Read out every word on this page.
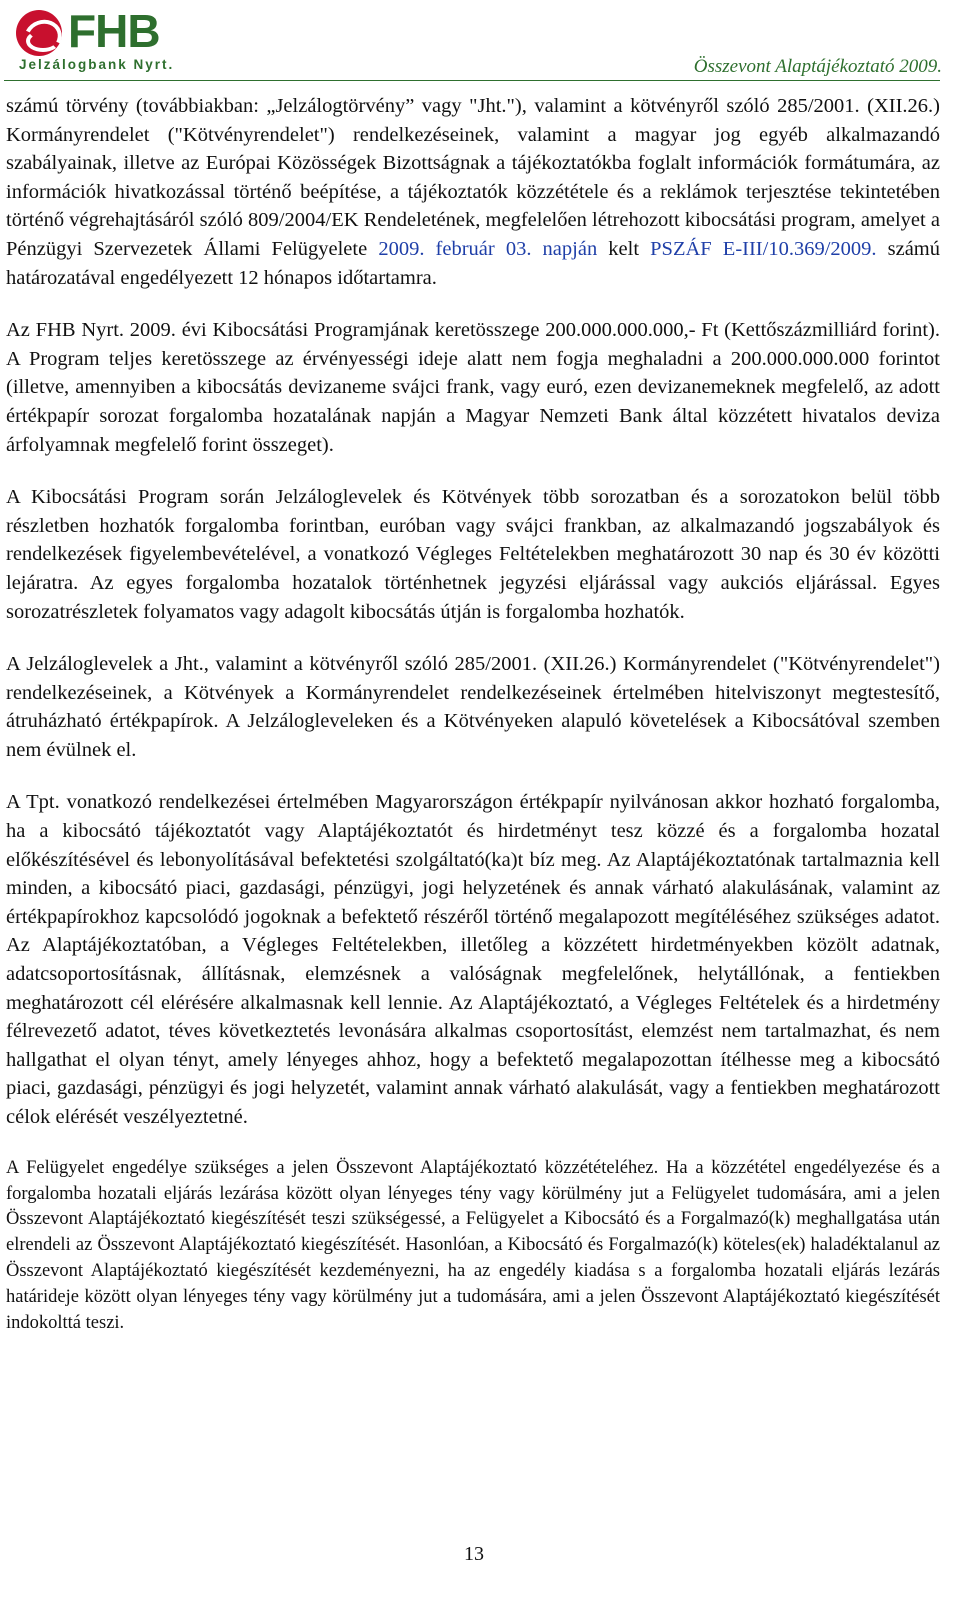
FHB
Jelzálogbank Nyrt.	Összevont Alaptájékoztató 2009.

számú törvény (továbbiakban: „Jelzálogtörvény” vagy "Jht."), valamint a kötvényről szóló 285/2001. (XII.26.) Kormányrendelet ("Kötvényrendelet") rendelkezéseinek, valamint a magyar jog egyéb alkalmazandó szabályainak, illetve az Európai Közösségek Bizottságnak a tájékoztatókba foglalt információk formátumára, az információk hivatkozással történő beépítése, a tájékoztatók közzététele és a reklámok terjesztése tekintetében történő végrehajtásáról szóló 809/2004/EK Rendeletének, megfelelően létrehozott kibocsátási program, amelyet a Pénzügyi Szervezetek Állami Felügyelete 2009. február 03. napján kelt PSZÁF E-III/10.369/2009. számú határozatával engedélyezett 12 hónapos időtartamra.

Az FHB Nyrt. 2009. évi Kibocsátási Programjának keretösszege 200.000.000.000,- Ft (Kettőszázmilliárd forint). A Program teljes keretösszege az érvényességi ideje alatt nem fogja meghaladni a 200.000.000.000 forintot (illetve, amennyiben a kibocsátás devizaneme svájci frank, vagy euró, ezen devizanemeknek megfelelő, az adott értékpapír sorozat forgalomba hozatalának napján a Magyar Nemzeti Bank által közzétett hivatalos deviza árfolyamnak megfelelő forint összeget).

A Kibocsátási Program során Jelzáloglevelek és Kötvények több sorozatban és a sorozatokon belül több részletben hozhatók forgalomba forintban, euróban vagy svájci frankban, az alkalmazandó jogszabályok és rendelkezések figyelembevételével, a vonatkozó Végleges Feltételekben meghatározott 30 nap és 30 év közötti lejáratra. Az egyes forgalomba hozatalok történhetnek jegyzési eljárással vagy aukciós eljárással. Egyes sorozatrészletek folyamatos vagy adagolt kibocsátás útján is forgalomba hozhatók.

A Jelzáloglevelek a Jht., valamint a kötvényről szóló 285/2001. (XII.26.) Kormányrendelet ("Kötvényrendelet") rendelkezéseinek, a Kötvények a Kormányrendelet rendelkezéseinek értelmében hitelviszonyt megtestesítő, átruházható értékpapírok. A Jelzálogleveleken és a Kötvényeken alapuló követelések a Kibocsátóval szemben nem évülnek el.

A Tpt. vonatkozó rendelkezései értelmében Magyarországon értékpapír nyilvánosan akkor hozható forgalomba, ha a kibocsátó tájékoztatót vagy Alaptájékoztatót és hirdetményt tesz közzé és a forgalomba hozatal előkészítésével és lebonyolításával befektetési szolgáltató(ka)t bíz meg. Az Alaptájékoztatónak tartalmaznia kell minden, a kibocsátó piaci, gazdasági, pénzügyi, jogi helyzetének és annak várható alakulásának, valamint az értékpapírokhoz kapcsolódó jogoknak a befektető részéről történő megalapozott megítéléséhez szükséges adatot. Az Alaptájékoztatóban, a Végleges Feltételekben, illetőleg a közzétett hirdetményekben közölt adatnak, adatcsoportosításnak, állításnak, elemzésnek a valóságnak megfelelőnek, helytállónak, a fentiekben meghatározott cél elérésére alkalmasnak kell lennie. Az Alaptájékoztató, a Végleges Feltételek és a hirdetmény félrevezető adatot, téves következtetés levonására alkalmas csoportosítást, elemzést nem tartalmazhat, és nem hallgathat el olyan tényt, amely lényeges ahhoz, hogy a befektető megalapozottan ítélhesse meg a kibocsátó piaci, gazdasági, pénzügyi és jogi helyzetét, valamint annak várható alakulását, vagy a fentiekben meghatározott célok elérését veszélyeztetné.

A Felügyelet engedélye szükséges a jelen Összevont Alaptájékoztató közzétételéhez. Ha a közzététel engedélyezése és a forgalomba hozatali eljárás lezárása között olyan lényeges tény vagy körülmény jut a Felügyelet tudomására, ami a jelen Összevont Alaptájékoztató kiegészítését teszi szükségessé, a Felügyelet a Kibocsátó és a Forgalmazó(k) meghallgatása után elrendeli az Összevont Alaptájékoztató kiegészítését. Hasonlóan, a Kibocsátó és Forgalmazó(k) köteles(ek) haladéktalanul az Összevont Alaptájékoztató kiegészítését kezdeményezni, ha az engedély kiadása s a forgalomba hozatali eljárás lezárás határideje között olyan lényeges tény vagy körülmény jut a tudomására, ami a jelen Összevont Alaptájékoztató kiegészítését indokolttá teszi.

13
